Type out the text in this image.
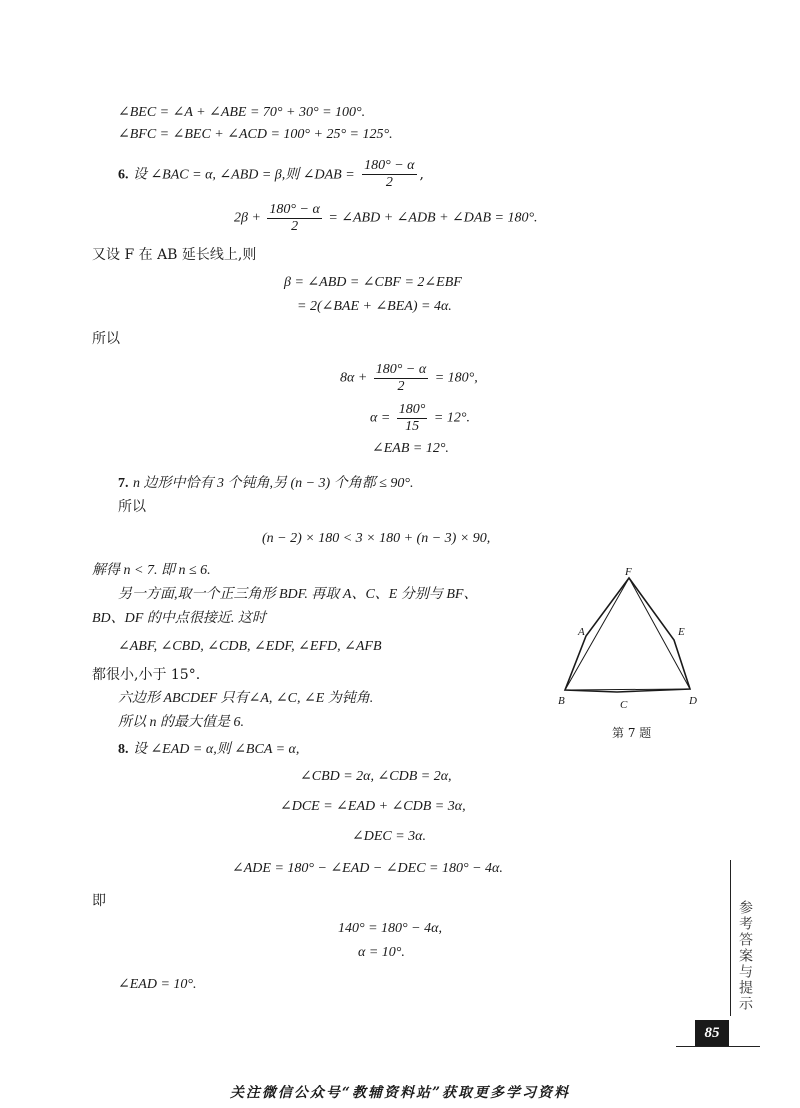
∠BEC = ∠A + ∠ABE = 70° + 30° = 100°.
∠BFC = ∠BEC + ∠ACD = 100° + 25° = 125°.
6. 设 ∠BAC = α, ∠ABD = β,则 ∠DAB = $\frac{180^\circ - \alpha}{2}$ ,
$2\beta + \frac{180^\circ - \alpha}{2}$ = ∠ABD + ∠ADB + ∠DAB = 180°.
又设 F 在 AB 延长线上,则
β = ∠ABD = ∠CBF = 2∠EBF
= 2(∠BAE + ∠BEA) = 4α.
所以
$8\alpha + \frac{180^\circ - \alpha}{2} = 180^\circ$,
$\alpha = \frac{180^\circ}{15} = 12^\circ$.
∠EAB = 12°.
7. n 边形中恰有 3 个钝角,另 (n − 3) 个角都 ≤ 90°.
所以
(n − 2) × 180 < 3 × 180 + (n − 3) × 90,
解得 n < 7. 即 n ≤ 6.
另一方面,取一个正三角形 BDF. 再取 A、C、E 分别与 BF、
BD、DF 的中点很接近. 这时
∠ABF, ∠CBD, ∠CDB, ∠EDF, ∠EFD, ∠AFB
都很小,小于 15°.
六边形 ABCDEF 只有∠A, ∠C, ∠E 为钝角.
所以 n 的最大值是 6.
8. 设 ∠EAD = α,则 ∠BCA = α,
∠CBD = 2α, ∠CDB = 2α,
∠DCE = ∠EAD + ∠CDB = 3α,
∠DEC = 3α.
∠ADE = 180° − ∠EAD − ∠DEC = 180° − 4α.
即
140° = 180° − 4α,
α = 10°.
∠EAD = 10°.
F
A	E
B	C	D
第 7 题
参考答案与提示
85
关注微信公众号“教辅资料站”获取更多学习资料
